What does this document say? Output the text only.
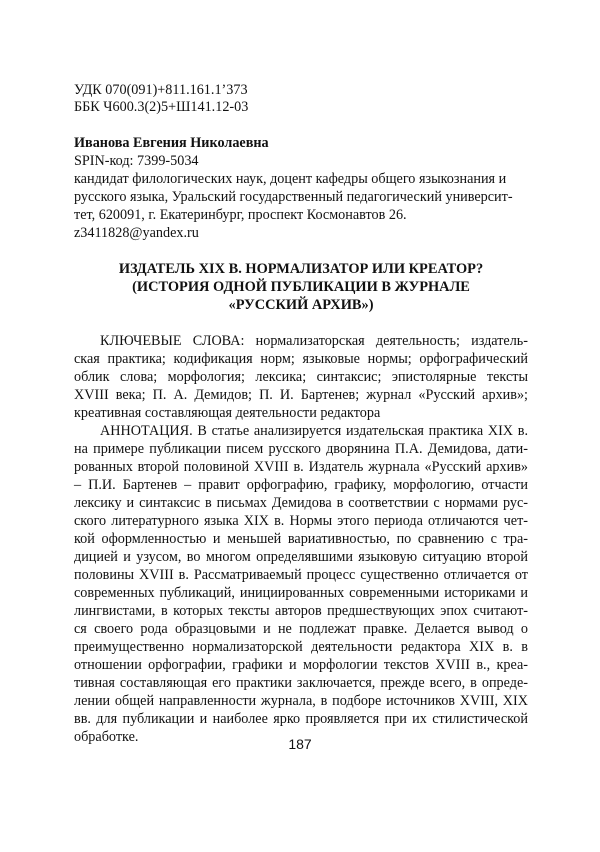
УДК 070(091)+811.161.1’373

ББК Ч600.3(2)5+Ш141.12-03

Иванова Евгения Николаевна

SPIN-код: 7399-5034

кандидат филологических наук, доцент кафедры общего языкознания и

русского языка, Уральский государственный педагогический университ-

тет, 620091, г. Екатеринбург, проспект Космонавтов 26.

z3411828@yandex.ru

ИЗДАТЕЛЬ XIX В. НОРМАЛИЗАТОР ИЛИ КРЕАТОР?

(ИСТОРИЯ ОДНОЙ ПУБЛИКАЦИИ В ЖУРНАЛЕ

«РУССКИЙ АРХИВ»)

КЛЮЧЕВЫЕ СЛОВА: нормализаторская деятельность; издатель-

ская практика; кодификация норм; языковые нормы; орфографический

облик слова; морфология; лексика; синтаксис; эпистолярные тексты

XVIII века; П. А. Демидов; П. И. Бартенев; журнал «Русский архив»;

креативная составляющая деятельности редактора

АННОТАЦИЯ. В статье анализируется издательская практика XIX в.

на примере публикации писем русского дворянина П.А. Демидова, дати-

рованных второй половиной XVIII в. Издатель журнала «Русский архив»

– П.И. Бартенев – правит орфографию, графику, морфологию, отчасти

лексику и синтаксис в письмах Демидова в соответствии с нормами рус-

ского литературного языка XIX в. Нормы этого периода отличаются чет-

кой оформленностью и меньшей вариативностью, по сравнению с тра-

дицией и узусом, во многом определявшими языковую ситуацию второй

половины XVIII в. Рассматриваемый процесс существенно отличается от

современных публикаций, инициированных современными историками и

лингвистами, в которых тексты авторов предшествующих эпох считают-

ся своего рода образцовыми и не подлежат правке. Делается вывод о

преимущественно нормализаторской деятельности редактора XIX в. в

отношении орфографии, графики и морфологии текстов XVIII в., креа-

тивная составляющая его практики заключается, прежде всего, в опреде-

лении общей направленности журнала, в подборе источников XVIII, XIX

вв. для публикации и наиболее ярко проявляется при их стилистической

обработке.	187
